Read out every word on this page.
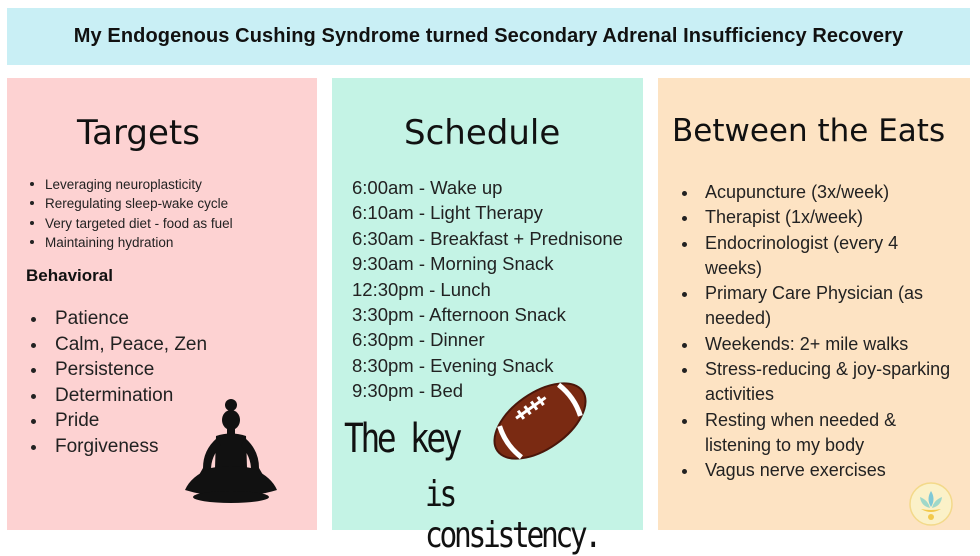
My Endogenous Cushing Syndrome turned Secondary Adrenal Insufficiency Recovery
Targets
Leveraging neuroplasticity
Reregulating sleep-wake cycle
Very targeted diet - food as fuel
Maintaining hydration
Behavioral
Patience
Calm, Peace, Zen
Persistence
Determination
Pride
Forgiveness
Schedule
6:00am - Wake up
6:10am - Light Therapy
6:30am - Breakfast + Prednisone
9:30am - Morning Snack
12:30pm - Lunch
3:30pm - Afternoon Snack
6:30pm - Dinner
8:30pm - Evening Snack
9:30pm - Bed
The key
is consistency.
Between the Eats
Acupuncture (3x/week)
Therapist (1x/week)
Endocrinologist (every 4 weeks)
Primary Care Physician (as needed)
Weekends: 2+ mile walks
Stress-reducing & joy-sparking activities
Resting when needed & listening to my body
Vagus nerve exercises
